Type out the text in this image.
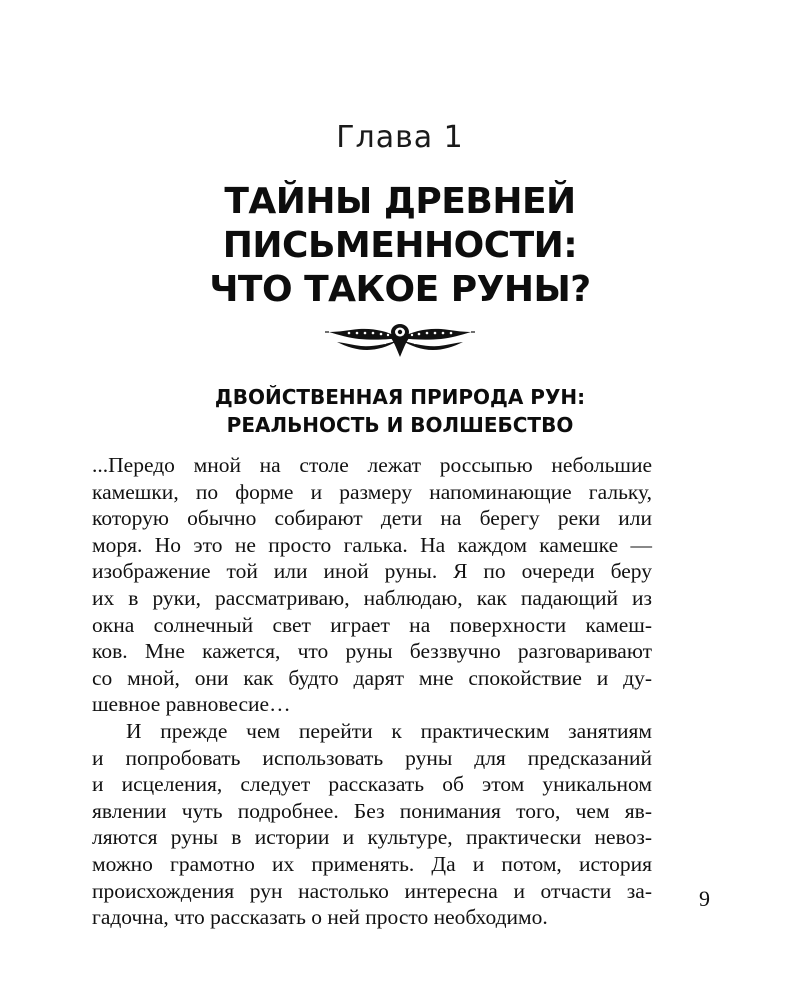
Глава 1
ТАЙНЫ ДРЕВНЕЙ
ПИСЬМЕННОСТИ:
ЧТО ТАКОЕ РУНЫ?
ДВОЙСТВЕННАЯ ПРИРОДА РУН:
РЕАЛЬНОСТЬ И ВОЛШЕБСТВО
...Передо мной на столе лежат россыпью небольшие
камешки, по форме и размеру напоминающие гальку,
которую обычно собирают дети на берегу реки или
моря. Но это не просто галька. На каждом камешке —
изображение той или иной руны. Я по очереди беру
их в руки, рассматриваю, наблюдаю, как падающий из
окна солнечный свет играет на поверхности камеш-
ков. Мне кажется, что руны беззвучно разговаривают
со мной, они как будто дарят мне спокойствие и ду-
шевное равновесие…
И прежде чем перейти к практическим занятиям
и попробовать использовать руны для предсказаний
и исцеления, следует рассказать об этом уникальном
явлении чуть подробнее. Без понимания того, чем яв-
ляются руны в истории и культуре, практически невоз-
можно грамотно их применять. Да и потом, история
происхождения рун настолько интересна и отчасти за-
гадочна, что рассказать о ней просто необходимо.
9
